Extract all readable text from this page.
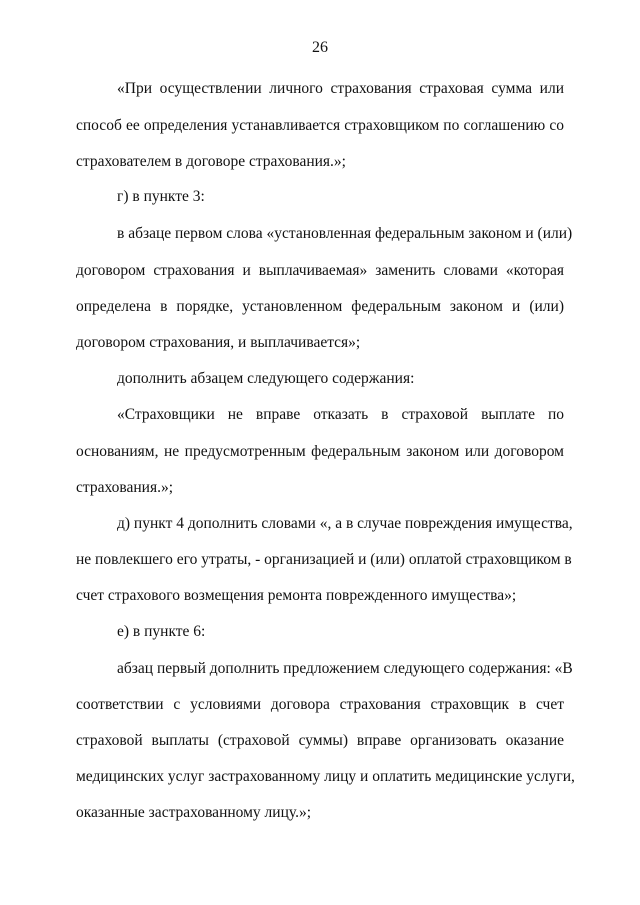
26
«При осуществлении личного страхования страховая сумма или
способ ее определения устанавливается страховщиком по соглашению со
страхователем в договоре страхования.»;
г) в пункте 3:
в абзаце первом слова «установленная федеральным законом и (или)
договором страхования и выплачиваемая» заменить словами «которая
определена в порядке, установленном федеральным законом и (или)
договором страхования, и выплачивается»;
дополнить абзацем следующего содержания:
«Страховщики не вправе отказать в страховой выплате по
основаниям, не предусмотренным федеральным законом или договором
страхования.»;
д) пункт 4 дополнить словами «, а в случае повреждения имущества,
не повлекшего его утраты, - организацией и (или) оплатой страховщиком в
счет страхового возмещения ремонта поврежденного имущества»;
е) в пункте 6:
абзац первый дополнить предложением следующего содержания: «В
соответствии с условиями договора страхования страховщик в счет
страховой выплаты (страховой суммы) вправе организовать оказание
медицинских услуг застрахованному лицу и оплатить медицинские услуги,
оказанные застрахованному лицу.»;
